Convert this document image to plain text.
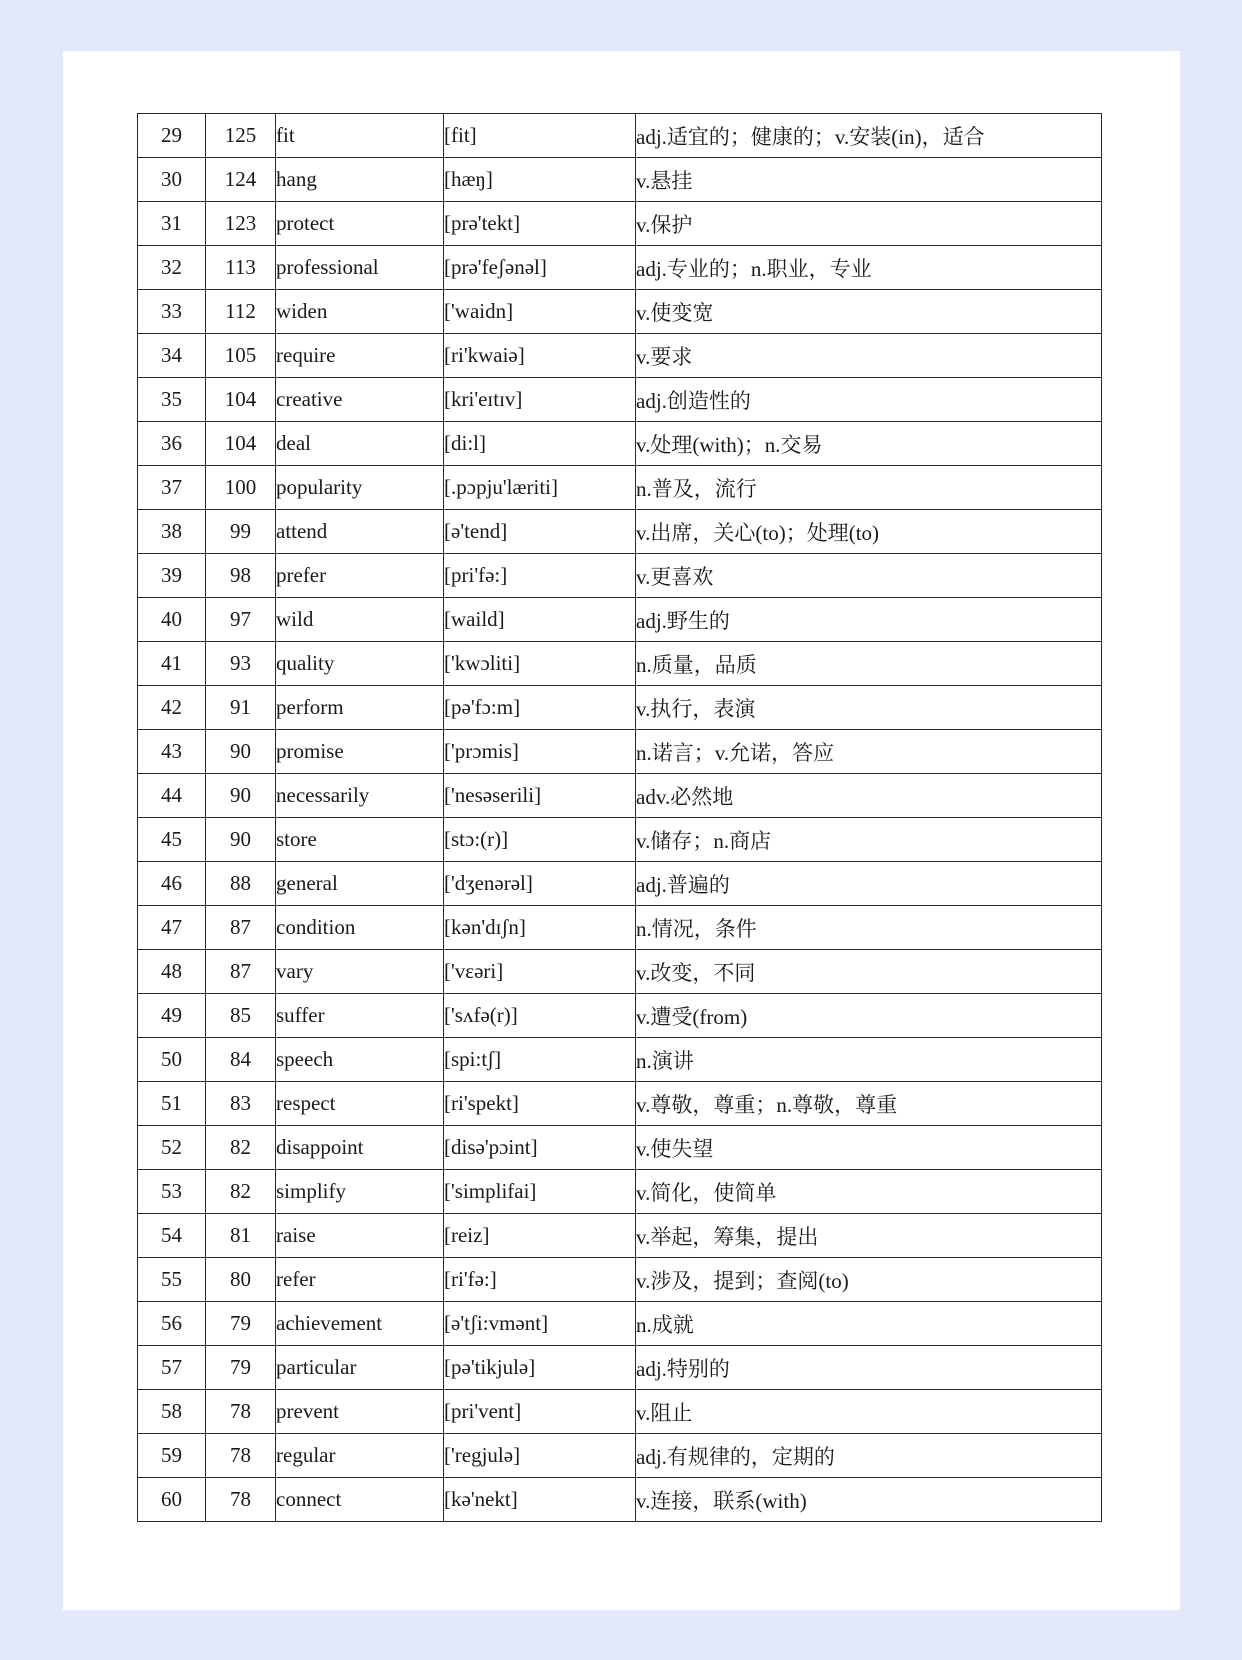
29	125	fit	[fit]	adj.适宜的；健康的；v.安装(in)，适合
30	124	hang	[hæŋ]	v.悬挂
31	123	protect	[prə'tekt]	v.保护
32	113	professional	[prə'feʃənəl]	adj.专业的；n.职业，专业
33	112	widen	['waidn]	v.使变宽
34	105	require	[ri'kwaiə]	v.要求
35	104	creative	[kri'eɪtɪv]	adj.创造性的
36	104	deal	[di:l]	v.处理(with)；n.交易
37	100	popularity	[.pɔpju'læriti]	n.普及，流行
38	99	attend	[ə'tend]	v.出席，关心(to)；处理(to)
39	98	prefer	[pri'fə:]	v.更喜欢
40	97	wild	[waild]	adj.野生的
41	93	quality	['kwɔliti]	n.质量，品质
42	91	perform	[pə'fɔ:m]	v.执行，表演
43	90	promise	['prɔmis]	n.诺言；v.允诺，答应
44	90	necessarily	['nesəserili]	adv.必然地
45	90	store	[stɔ:(r)]	v.储存；n.商店
46	88	general	['dʒenərəl]	adj.普遍的
47	87	condition	[kən'dɪʃn]	n.情况，条件
48	87	vary	['vɛəri]	v.改变，不同
49	85	suffer	['sʌfə(r)]	v.遭受(from)
50	84	speech	[spi:tʃ]	n.演讲
51	83	respect	[ri'spekt]	v.尊敬，尊重；n.尊敬，尊重
52	82	disappoint	[disə'pɔint]	v.使失望
53	82	simplify	['simplifai]	v.简化，使简单
54	81	raise	[reiz]	v.举起，筹集，提出
55	80	refer	[ri'fə:]	v.涉及，提到；查阅(to)
56	79	achievement	[ə'tʃi:vmənt]	n.成就
57	79	particular	[pə'tikjulə]	adj.特别的
58	78	prevent	[pri'vent]	v.阻止
59	78	regular	['regjulə]	adj.有规律的，定期的
60	78	connect	[kə'nekt]	v.连接，联系(with)
